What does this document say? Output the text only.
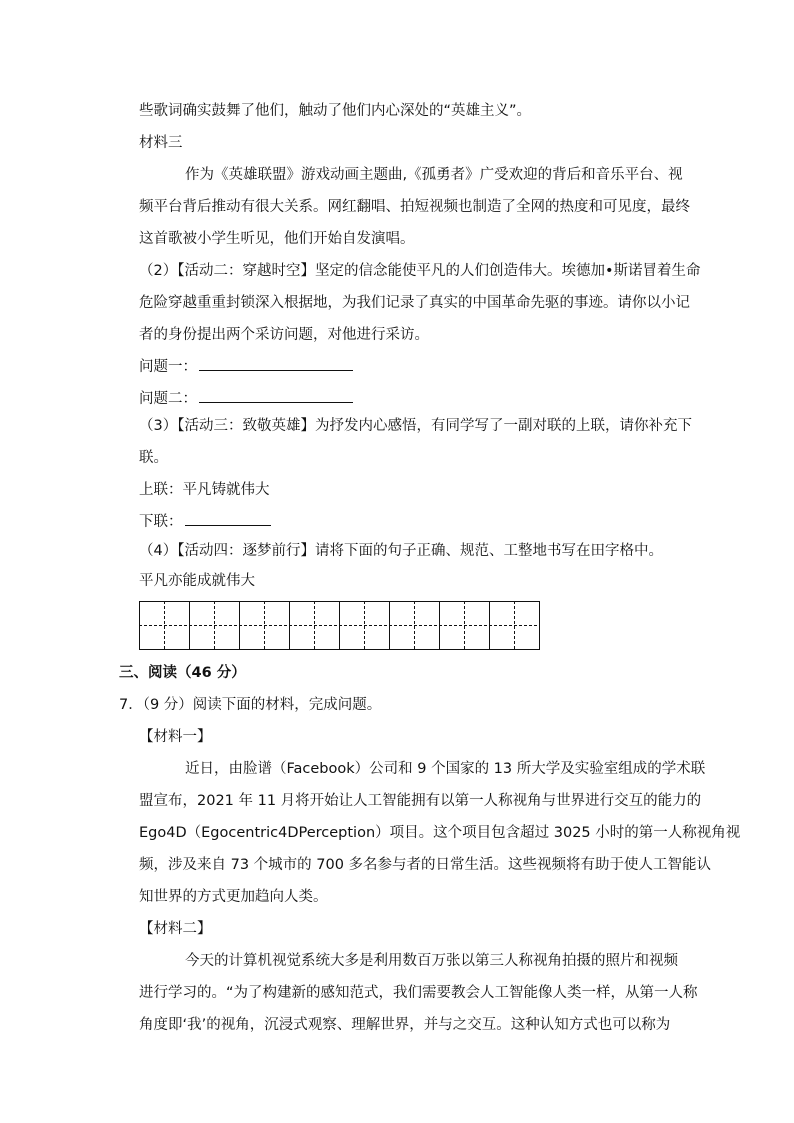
些歌词确实鼓舞了他们，触动了他们内心深处的“英雄主义”。
材料三
作为《英雄联盟》游戏动画主题曲,《孤勇者》广受欢迎的背后和音乐平台、视
频平台背后推动有很大关系。网红翻唱、拍短视频也制造了全网的热度和可见度，最终
这首歌被小学生听见，他们开始自发演唱。
（2）【活动二：穿越时空】坚定的信念能使平凡的人们创造伟大。埃德加•斯诺冒着生命
危险穿越重重封锁深入根据地，为我们记录了真实的中国革命先驱的事迹。请你以小记
者的身份提出两个采访问题，对他进行采访。
问题一：
问题二：
（3）【活动三：致敬英雄】为抒发内心感悟，有同学写了一副对联的上联，请你补充下
联。
上联：平凡铸就伟大
下联：
（4）【活动四：逐梦前行】请将下面的句子正确、规范、工整地书写在田字格中。
平凡亦能成就伟大
三、阅读（46 分）
7．（9 分）阅读下面的材料，完成问题。
【材料一】
近日，由脸谱（Facebook）公司和 9 个国家的 13 所大学及实验室组成的学术联
盟宣布，2021 年 11 月将开始让人工智能拥有以第一人称视角与世界进行交互的能力的
Ego4D（Egocentric4DPerception）项目。这个项目包含超过 3025 小时的第一人称视角视
频，涉及来自 73 个城市的 700 多名参与者的日常生活。这些视频将有助于使人工智能认
知世界的方式更加趋向人类。
【材料二】
今天的计算机视觉系统大多是利用数百万张以第三人称视角拍摄的照片和视频
进行学习的。“为了构建新的感知范式，我们需要教会人工智能像人类一样，从第一人称
角度即‘我’的视角，沉浸式观察、理解世界，并与之交互。这种认知方式也可以称为
